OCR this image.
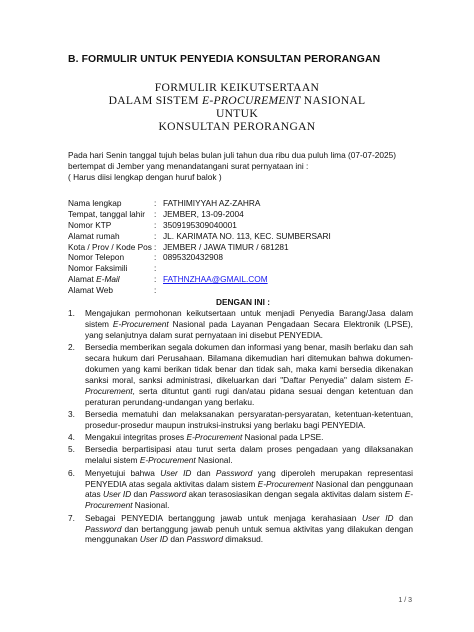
B. FORMULIR UNTUK PENYEDIA KONSULTAN PERORANGAN
FORMULIR KEIKUTSERTAAN
DALAM SISTEM E-PROCUREMENT NASIONAL
UNTUK
KONSULTAN PERORANGAN
Pada hari Senin tanggal tujuh belas bulan juli tahun dua ribu dua puluh lima (07-07-2025)
bertempat di Jember yang menandatangani surat pernyataan ini :
( Harus diisi lengkap dengan huruf balok )
Nama lengkap	: FATHIMIYYAH AZ-ZAHRA
Tempat, tanggal lahir : JEMBER, 13-09-2004
Nomor KTP	: 3509195309040001
Alamat rumah	: JL. KARIMATA NO. 113, KEC. SUMBERSARI
Kota / Prov / Kode Pos : JEMBER / JAWA TIMUR / 681281
Nomor Telepon	: 0895320432908
Nomor Faksimili	:
Alamat E-Mail	: FATHNZHAA@GMAIL.COM
Alamat Web	:
DENGAN INI :
1. Mengajukan permohonan keikutsertaan untuk menjadi Penyedia Barang/Jasa dalam sistem E-Procurement Nasional pada Layanan Pengadaan Secara Elektronik (LPSE), yang selanjutnya dalam surat pernyataan ini disebut PENYEDIA.
2. Bersedia memberikan segala dokumen dan informasi yang benar, masih berlaku dan sah secara hukum dari Perusahaan. Bilamana dikemudian hari ditemukan bahwa dokumen-dokumen yang kami berikan tidak benar dan tidak sah, maka kami bersedia dikenakan sanksi moral, sanksi administrasi, dikeluarkan dari "Daftar Penyedia" dalam sistem E-Procurement, serta dituntut ganti rugi dan/atau pidana sesuai dengan ketentuan dan peraturan perundang-undangan yang berlaku.
3. Bersedia mematuhi dan melaksanakan persyaratan-persyaratan, ketentuan-ketentuan, prosedur-prosedur maupun instruksi-instruksi yang berlaku bagi PENYEDIA.
4. Mengakui integritas proses E-Procurement Nasional pada LPSE.
5. Bersedia berpartisipasi atau turut serta dalam proses pengadaan yang dilaksanakan melalui sistem E-Procurement Nasional.
6. Menyetujui bahwa User ID dan Password yang diperoleh merupakan representasi PENYEDIA atas segala aktivitas dalam sistem E-Procurement Nasional dan penggunaan atas User ID dan Password akan terasosiasikan dengan segala aktivitas dalam sistem E-Procurement Nasional.
7. Sebagai PENYEDIA bertanggung jawab untuk menjaga kerahasiaan User ID dan Password dan bertanggung jawab penuh untuk semua aktivitas yang dilakukan dengan menggunakan User ID dan Password dimaksud.
1 / 3
